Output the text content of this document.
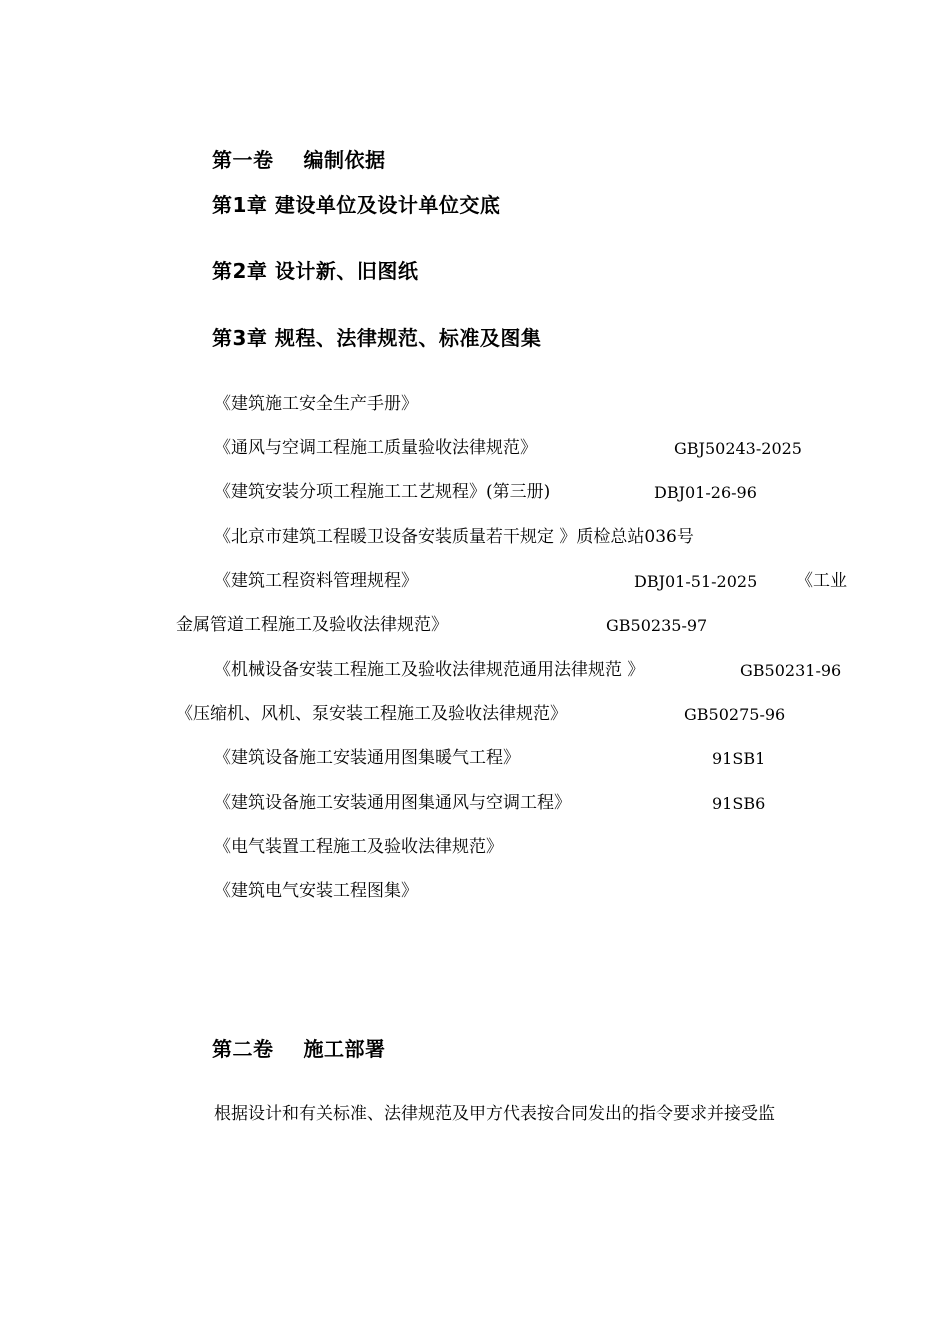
第一卷 编制依据
第1章 建设单位及设计单位交底
第2章 设计新、旧图纸
第3章 规程、法律规范、标准及图集
《建筑施工安全生产手册》
《通风与空调工程施工质量验收法律规范》	GBJ50243-2025
《建筑安装分项工程施工工艺规程》(第三册)	DBJ01-26-96
《北京市建筑工程暖卫设备安装质量若干规定 》质检总站036号
《建筑工程资料管理规程》	DBJ01-51-2025 《工业
金属管道工程施工及验收法律规范》	GB50235-97
《机械设备安装工程施工及验收法律规范通用法律规范 》	GB50231-96
《压缩机、风机、泵安装工程施工及验收法律规范》	GB50275-96
《建筑设备施工安装通用图集暖气工程》	91SB1
《建筑设备施工安装通用图集通风与空调工程》	91SB6
《电气装置工程施工及验收法律规范》
《建筑电气安装工程图集》
第二卷 施工部署
根据设计和有关标准、法律规范及甲方代表按合同发出的指令要求并接受监
